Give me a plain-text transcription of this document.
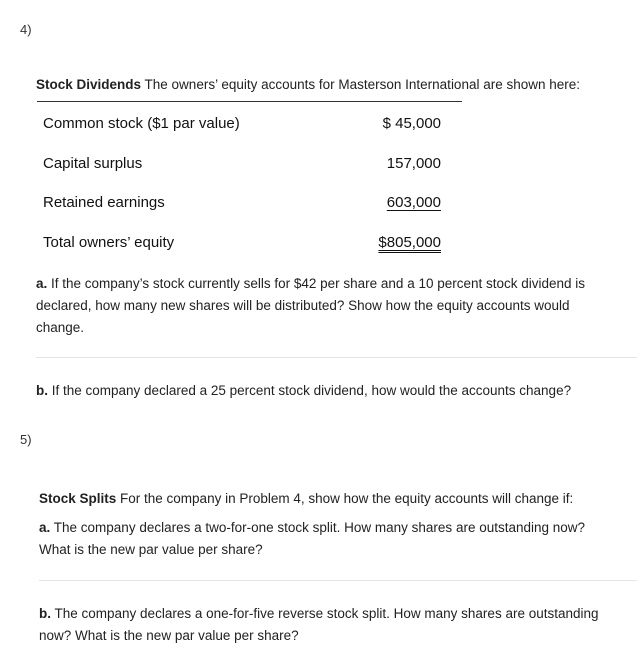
4)
Stock Dividends The owners’ equity accounts for Masterson International are shown here:
Common stock ($1 par value)	$ 45,000
Capital surplus	157,000
Retained earnings	603,000
Total owners’ equity	$805,000
a. If the company’s stock currently sells for $42 per share and a 10 percent stock dividend is declared, how many new shares will be distributed? Show how the equity accounts would change.
b. If the company declared a 25 percent stock dividend, how would the accounts change?
5)
Stock Splits For the company in Problem 4, show how the equity accounts will change if:
a. The company declares a two-for-one stock split. How many shares are outstanding now? What is the new par value per share?
b. The company declares a one-for-five reverse stock split. How many shares are outstanding now? What is the new par value per share?
